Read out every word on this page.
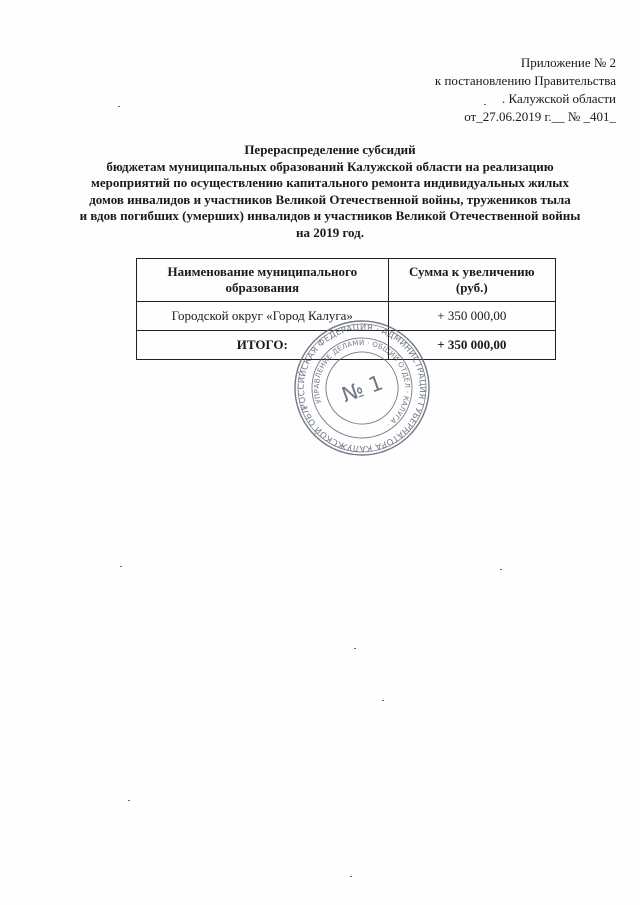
Приложение № 2
к постановлению Правительства
. Калужской области
от_27.06.2019 г.__ № _401_
Перераспределение субсидий
бюджетам муниципальных образований Калужской области на реализацию
мероприятий по осуществлению капитального ремонта индивидуальных жилых
домов инвалидов и участников Великой Отечественной войны, тружеников тыла
и вдов погибших (умерших) инвалидов и участников Великой Отечественной войны
на 2019 год.
Наименование муниципального
образования	Сумма к увеличению
(руб.)
Городской округ «Город Калуга»	+ 350 000,00
ИТОГО:	+ 350 000,00
РОССИЙСКАЯ ФЕДЕРАЦИЯ · АДМИНИСТРАЦИЯ ГУБЕРНАТОРА КАЛУЖСКОЙ ОБЛАСТИ
УПРАВЛЕНИЕ ДЕЛАМИ · ОБЩИЙ ОТДЕЛ · КАЛУГА ·
№ 1
